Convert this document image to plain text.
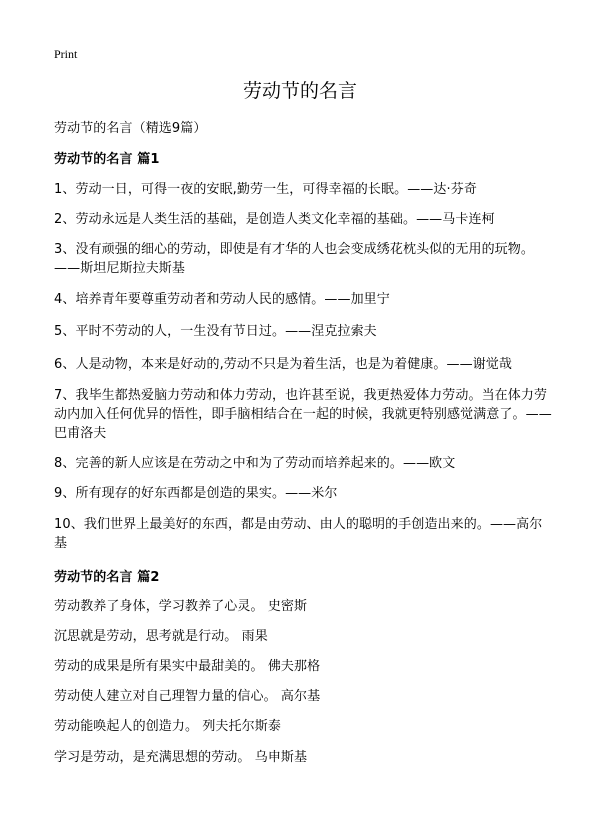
Print
劳动节的名言
劳动节的名言（精选9篇）
劳动节的名言 篇1
1、劳动一日，可得一夜的安眠,勤劳一生，可得幸福的长眠。——达·芬奇
2、劳动永远是人类生活的基础，是创造人类文化幸福的基础。——马卡连柯
3、没有顽强的细心的劳动，即使是有才华的人也会变成绣花枕头似的无用的玩物。——斯坦尼斯拉夫斯基
4、培养青年要尊重劳动者和劳动人民的感情。——加里宁
5、平时不劳动的人，一生没有节日过。——涅克拉索夫
6、人是动物，本来是好动的,劳动不只是为着生活，也是为着健康。——谢觉哉
7、我毕生都热爱脑力劳动和体力劳动，也许甚至说，我更热爱体力劳动。当在体力劳动内加入任何优异的悟性，即手脑相结合在一起的时候，我就更特别感觉满意了。——巴甫洛夫
8、完善的新人应该是在劳动之中和为了劳动而培养起来的。——欧文
9、所有现存的好东西都是创造的果实。——米尔
10、我们世界上最美好的东西，都是由劳动、由人的聪明的手创造出来的。——高尔基
劳动节的名言 篇2
劳动教养了身体，学习教养了心灵。 史密斯
沉思就是劳动，思考就是行动。 雨果
劳动的成果是所有果实中最甜美的。 佛夫那格
劳动使人建立对自己理智力量的信心。 高尔基
劳动能唤起人的创造力。 列夫托尔斯泰
学习是劳动，是充满思想的劳动。 乌申斯基
